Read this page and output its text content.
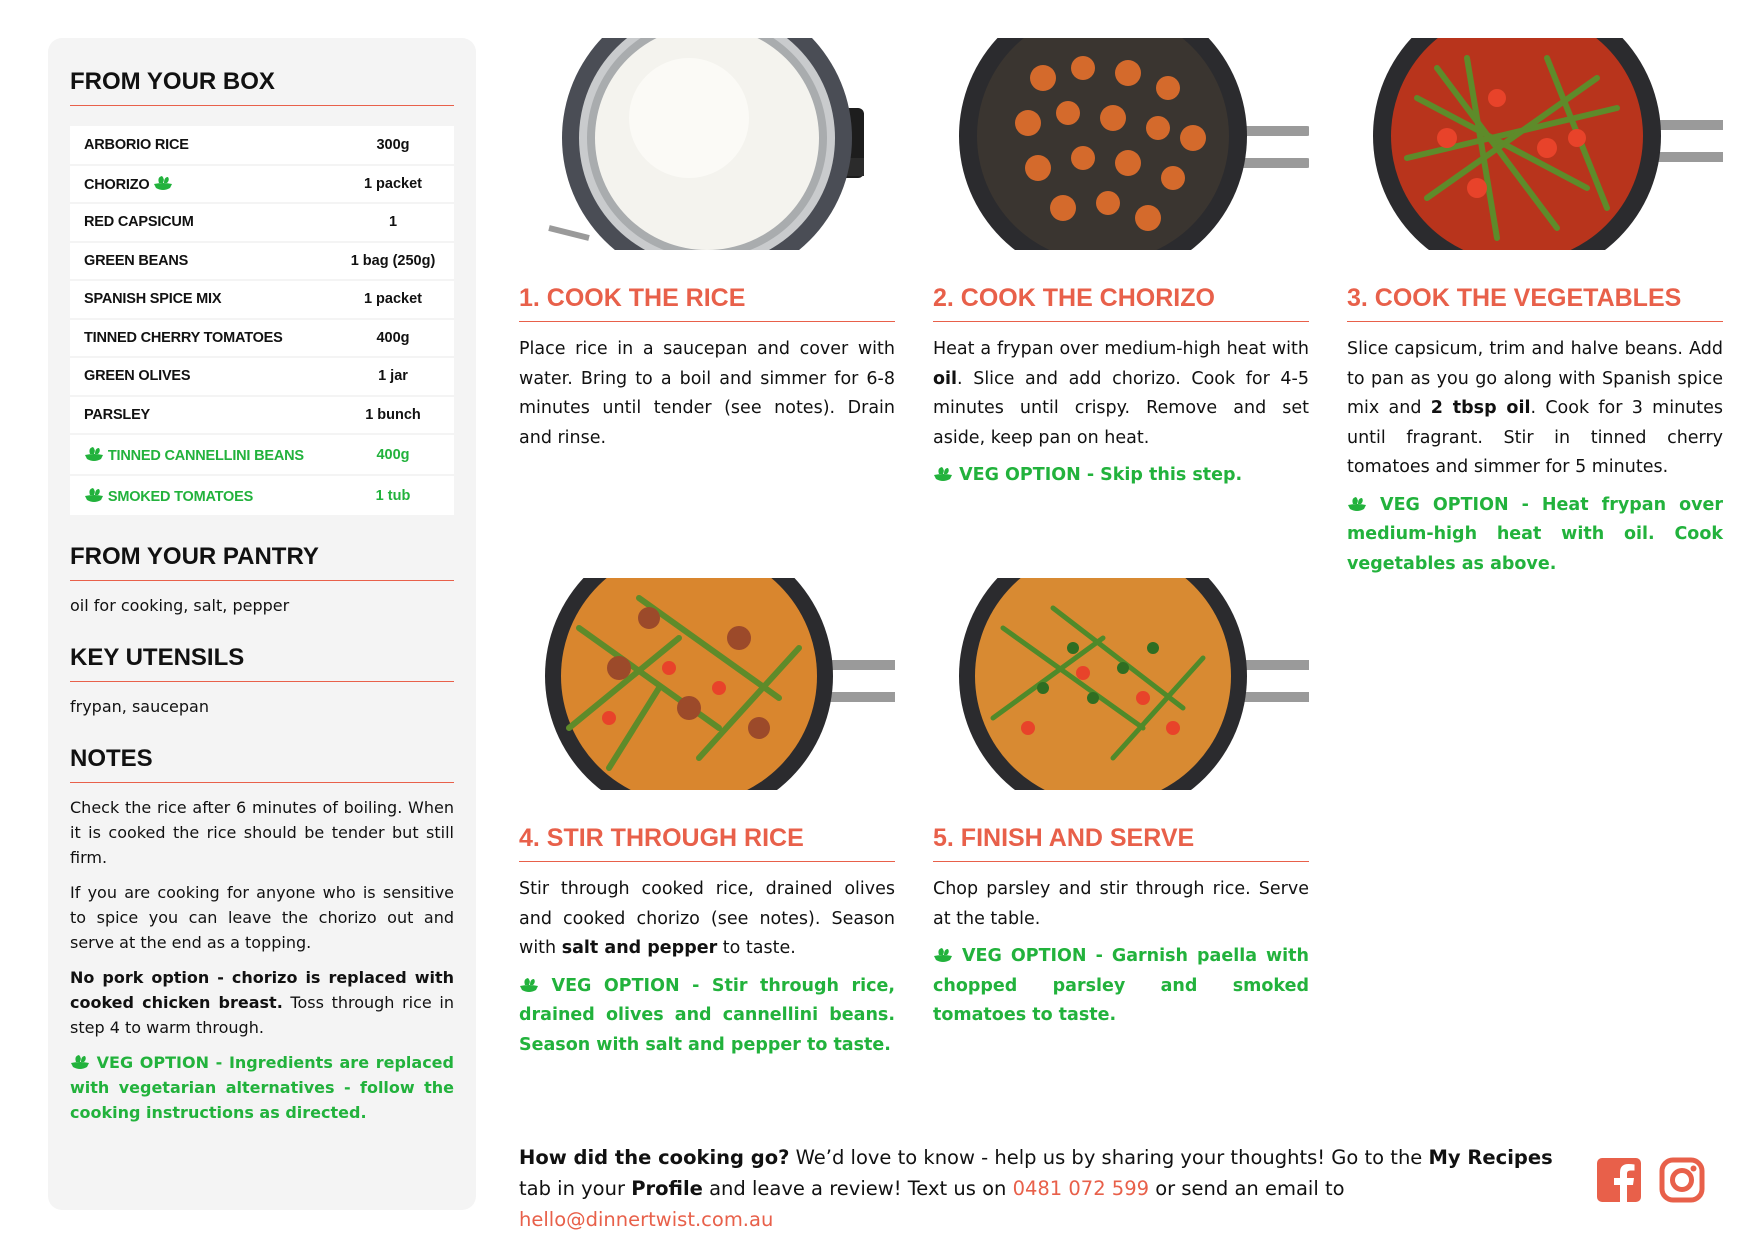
FROM YOUR BOX
ARBORIO RICE	300g
CHORIZO	1 packet
RED CAPSICUM	1
GREEN BEANS	1 bag (250g)
SPANISH SPICE MIX	1 packet
TINNED CHERRY TOMATOES	400g
GREEN OLIVES	1 jar
PARSLEY	1 bunch
TINNED CANNELLINI BEANS	400g
SMOKED TOMATOES	1 tub
FROM YOUR PANTRY
oil for cooking, salt, pepper
KEY UTENSILS
frypan, saucepan
NOTES

Check the rice after 6 minutes of boiling. When it is cooked the rice should be tender but still firm.

If you are cooking for anyone who is sensitive to spice you can leave the chorizo out and serve at the end as a topping.

No pork option - chorizo is replaced with cooked chicken breast. Toss through rice in step 4 to warm through.

VEG OPTION - Ingredients are replaced with vegetarian alternatives - follow the cooking instructions as directed.

1. COOK THE RICE
Place rice in a saucepan and cover with water. Bring to a boil and simmer for 6-8 minutes until tender (see notes). Drain and rinse.
2. COOK THE CHORIZO
Heat a frypan over medium-high heat with oil. Slice and add chorizo. Cook for 4-5 minutes until crispy. Remove and set aside, keep pan on heat.
VEG OPTION - Skip this step.
3. COOK THE VEGETABLES
Slice capsicum, trim and halve beans. Add to pan as you go along with Spanish spice mix and 2 tbsp oil. Cook for 3 minutes until fragrant. Stir in tinned cherry tomatoes and simmer for 5 minutes.
VEG OPTION - Heat frypan over medium-high heat with oil. Cook vegetables as above.
4. STIR THROUGH RICE
Stir through cooked rice, drained olives and cooked chorizo (see notes). Season with salt and pepper to taste.
VEG OPTION - Stir through rice, drained olives and cannellini beans. Season with salt and pepper to taste.
5. FINISH AND SERVE
Chop parsley and stir through rice. Serve at the table.
VEG OPTION - Garnish paella with chopped parsley and smoked tomatoes to taste.
How did the cooking go? We’d love to know - help us by sharing your thoughts! Go to the My Recipes tab in your Profile and leave a review! Text us on 0481 072 599 or send an email to hello@dinnertwist.com.au
